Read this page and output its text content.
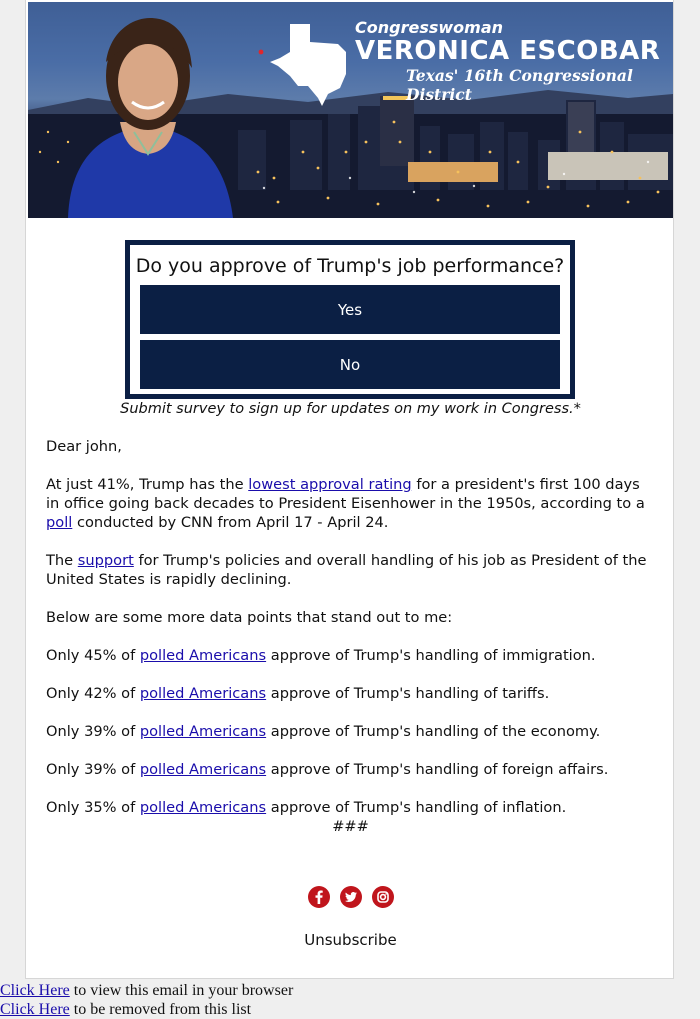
Congresswoman
VERONICA ESCOBAR
Texas' 16th Congressional District
Do you approve of Trump's job performance?
Yes
No
Submit survey to sign up for updates on my work in Congress.*

Dear john,

At just 41%, Trump has the lowest approval rating for a president's first 100 days in office going back decades to President Eisenhower in the 1950s, according to a poll conducted by CNN from April 17 - April 24.

The support for Trump's policies and overall handling of his job as President of the United States is rapidly declining.

Below are some more data points that stand out to me:

Only 45% of polled Americans approve of Trump's handling of immigration.

Only 42% of polled Americans approve of Trump's handling of tariffs.

Only 39% of polled Americans approve of Trump's handling of the economy.

Only 39% of polled Americans approve of Trump's handling of foreign affairs.

Only 35% of polled Americans approve of Trump's handling of inflation.

###
Unsubscribe
Click Here to view this email in your browser
Click Here to be removed from this list
